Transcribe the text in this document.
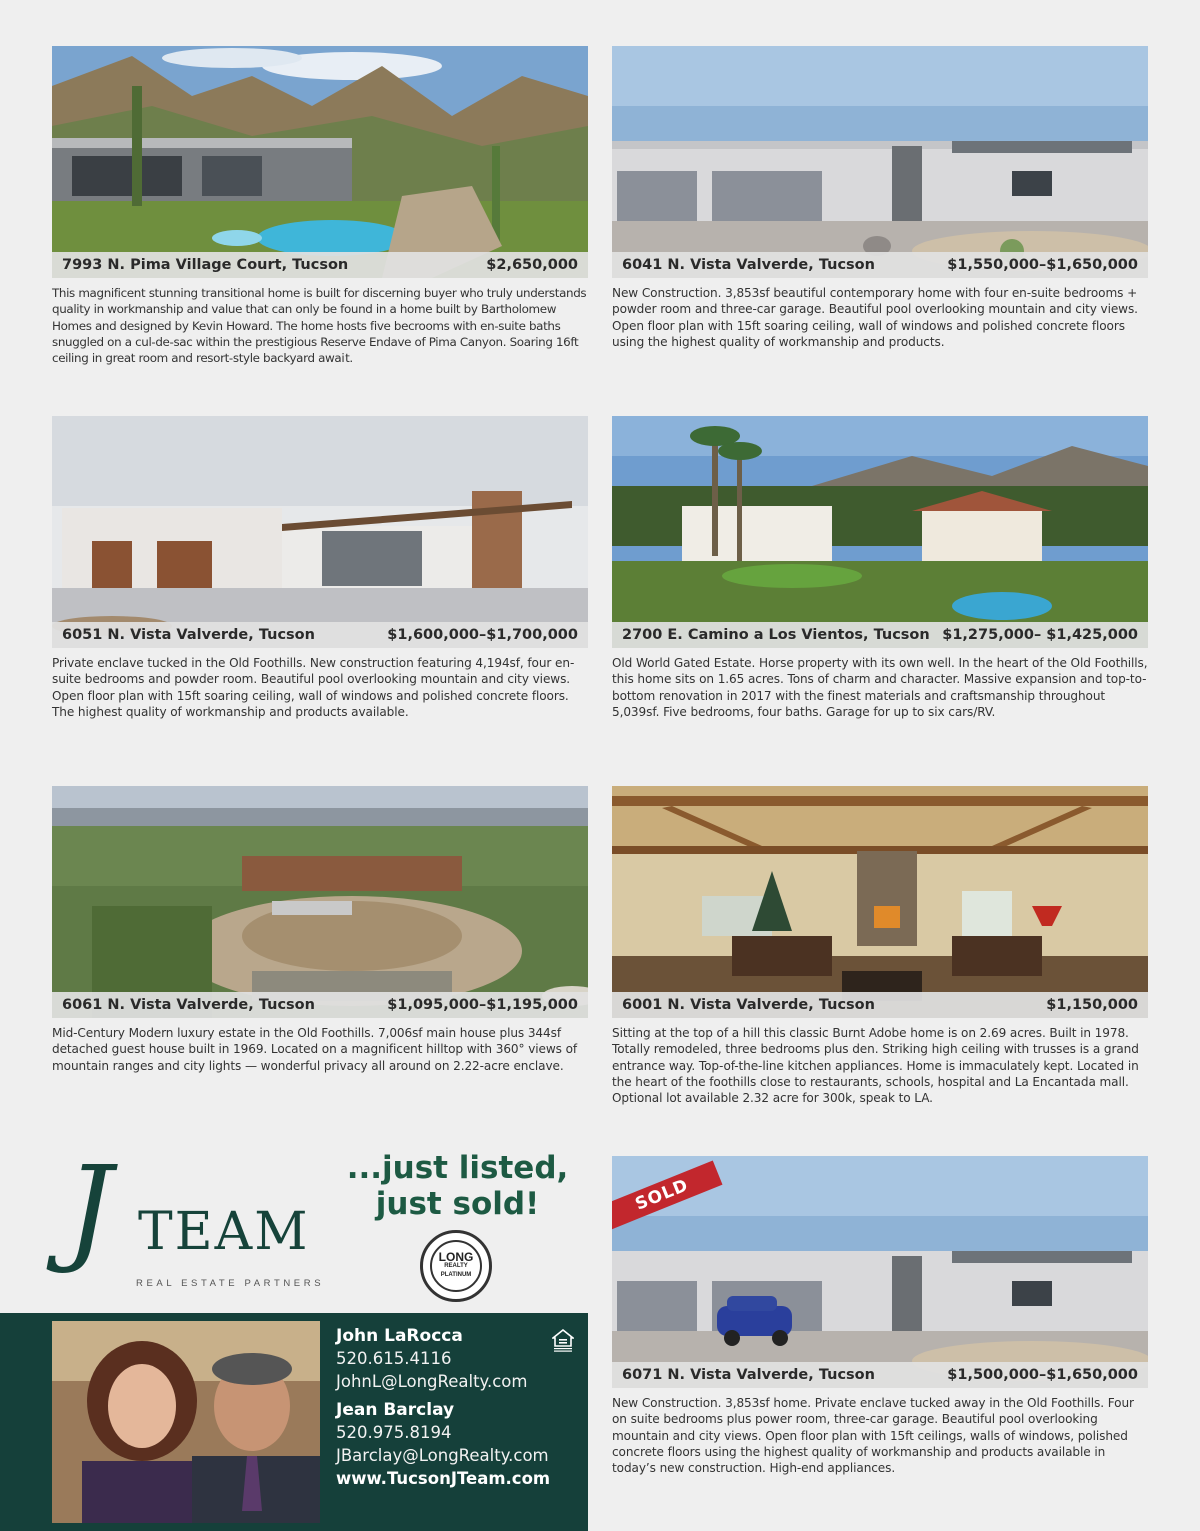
7993 N. Pima Village Court, Tucson	$2,650,000

This magnificent stunning transitional home is built for discerning buyer who truly understands quality in workmanship and value that can only be found in a home built by Bartholomew Homes and designed by Kevin Howard. The home hosts five becrooms with en-suite baths snuggled on a cul-de-sac within the prestigious Reserve Endave of Pima Canyon. Soaring 16ft ceiling in great room and resort-style backyard awai t.

6041 N. Vista Valverde, Tucson	$1,550,000–$1,650,000

New Construction. 3,853sf beautiful contemporary home with four en-suite bedrooms + powder room and three-car garage. Beautiful pool overlooking mountain and city views. Open floor plan with 15ft soaring ceiling, wall of windows and polished concrete floors using the highest quality of workmanship and products.

6051 N. Vista Valverde, Tucson	$1,600,000–$1,700,000

Private enclave tucked in the Old Foothills. New construction featuring 4,194sf, four en-suite bedrooms and powder room. Beautiful pool overlooking mountain and city views. Open floor plan with 15ft soaring ceiling, wall of windows and polished concrete floors. The highest quality of workmanship and products available.

2700 E. Camino a Los Vientos, Tucson $1,275,000– $1,425,000

Old World Gated Estate. Horse property with its own well. In the heart of the Old Foothills, this home sits on 1.65 acres. Tons of charm and character. Massive expansion and top-to-bottom renovation in 2017 with the finest materials and craftsmanship throughout 5,039sf. Five bedrooms, four baths. Garage for up to six cars/RV.

6061 N. Vista Valverde, Tucson	$1,095,000–$1,195,000

Mid-Century Modern luxury estate in the Old Foothills. 7,006sf main house plus 344sf detached guest house built in 1969. Located on a magnificent hilltop with 360° views of mountain ranges and city lights — wonderful privacy all around on 2.22-acre enclave.

6001 N. Vista Valverde, Tucson	$1,150,000

Sitting at the top of a hill this classic Burnt Adobe home is on 2.69 acres. Built in 1978. Totally remodeled, three bedrooms plus den. Striking high ceiling with trusses is a grand entrance way. Top-of-the-line kitchen appliances. Home is immaculately kept. Located in the heart of the foothills close to restaurants, schools, hospital and La Encantada mall. Optional lot available 2.32 acre for 300k, speak to LA.

SOLD
6071 N. Vista Valverde, Tucson	$1,500,000–$1,650,000

New Construction. 3,853sf home. Private enclave tucked away in the Old Foothills. Four on suite bedrooms plus power room, three-car garage. Beautiful pool overlooking mountain and city views. Open floor plan with 15ft ceilings, walls of windows, polished concrete floors using the highest quality of workmanship and products available in today’s new construction. High-end appliances.

J TEAM
REAL ESTATE PARTNERS
...just listed,
just sold!
LONG
REALTY
PLATINUM
John LaRocca
520.615.4116
JohnL@LongRealty.com
Jean Barclay
520.975.8194
JBarclay@LongRealty.com
www.TucsonJTeam.com
